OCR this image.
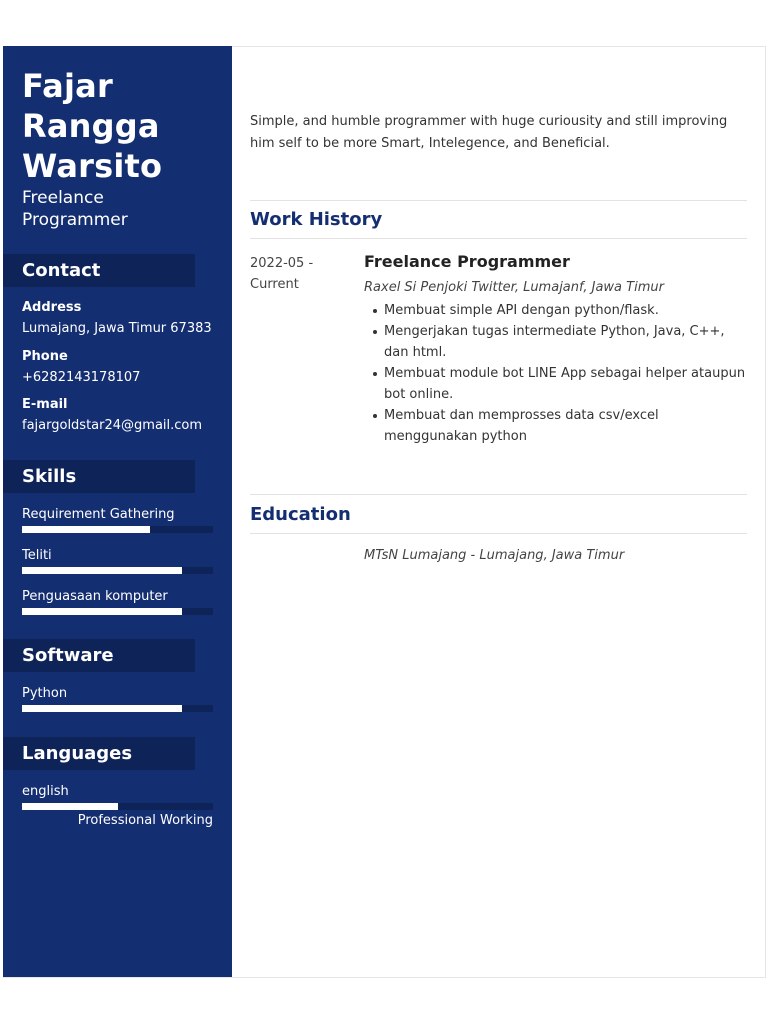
Fajar
Rangga
Warsito
Freelance
Programmer
Contact
Address
Lumajang, Jawa Timur 67383
Phone
+6282143178107
E-mail
fajargoldstar24@gmail.com
Skills
Requirement Gathering
Teliti
Penguasaan komputer
Software
Python
Languages
english
Professional Working

Simple, and humble programmer with huge curiousity and still improving him self to be more Smart, Intelegence, and Beneficial.

Work History
2022-05 -
Current
Freelance Programmer
Raxel Si Penjoki Twitter, Lumajanf, Jawa Timur
Membuat simple API dengan python/flask.
Mengerjakan tugas intermediate Python, Java, C++, dan html.
Membuat module bot LINE App sebagai helper ataupun bot online.
Membuat dan memprosses data csv/excel menggunakan python
Education
MTsN Lumajang - Lumajang, Jawa Timur
